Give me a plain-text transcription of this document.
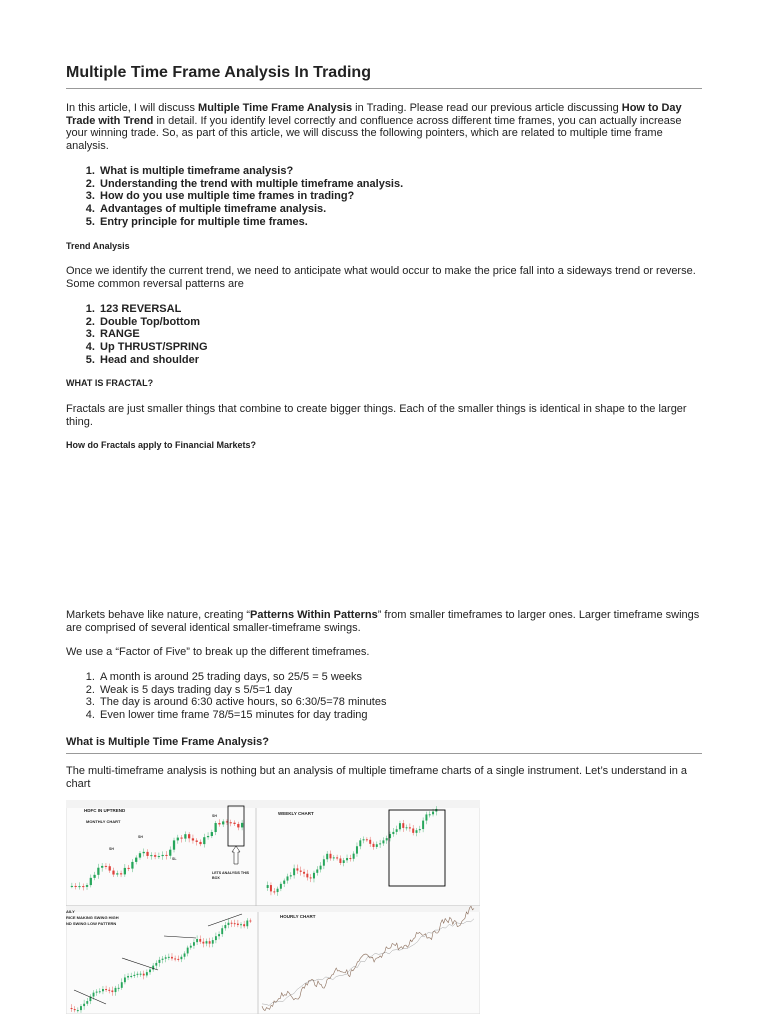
Multiple Time Frame Analysis In Trading
In this article, I will discuss Multiple Time Frame Analysis in Trading. Please read our previous article discussing How to Day Trade with Trend in detail. If you identify level correctly and confluence across different time frames, you can actually increase your winning trade. So, as part of this article, we will discuss the following pointers, which are related to multiple time frame analysis.
1. What is multiple timeframe analysis?
2. Understanding the trend with multiple timeframe analysis.
3. How do you use multiple time frames in trading?
4. Advantages of multiple timeframe analysis.
5. Entry principle for multiple time frames.
Trend Analysis
Once we identify the current trend, we need to anticipate what would occur to make the price fall into a sideways trend or reverse. Some common reversal patterns are
1. 123 REVERSAL
2. Double Top/bottom
3. RANGE
4. Up THRUST/SPRING
5. Head and shoulder
WHAT IS FRACTAL?
Fractals are just smaller things that combine to create bigger things. Each of the smaller things is identical in shape to the larger thing.
How do Fractals apply to Financial Markets?
Markets behave like nature, creating “Patterns Within Patterns” from smaller timeframes to larger ones. Larger timeframe swings are comprised of several identical smaller-timeframe swings.
We use a “Factor of Five” to break up the different timeframes.
1. A month is around 25 trading days, so 25/5 = 5 weeks
2. Weak is 5 days trading day s 5/5=1 day
3. The day is around 6:30 active hours, so 6:30/5=78 minutes
4. Even lower time frame 78/5=15 minutes for day trading
What is Multiple Time Frame Analysis?
The multi-timeframe analysis is nothing but an analysis of multiple timeframe charts of a single instrument. Let’s understand in a chart
HDFC IN UPTREND
MONTHLY CHART
LETS ANALYSIS THIS
BOX
SH
SH
SL
SH	WEEKLY CHART
AILY
RICE MAKING SWING HIGH
ND SWING LOW PATTERN
HOURLY CHART
